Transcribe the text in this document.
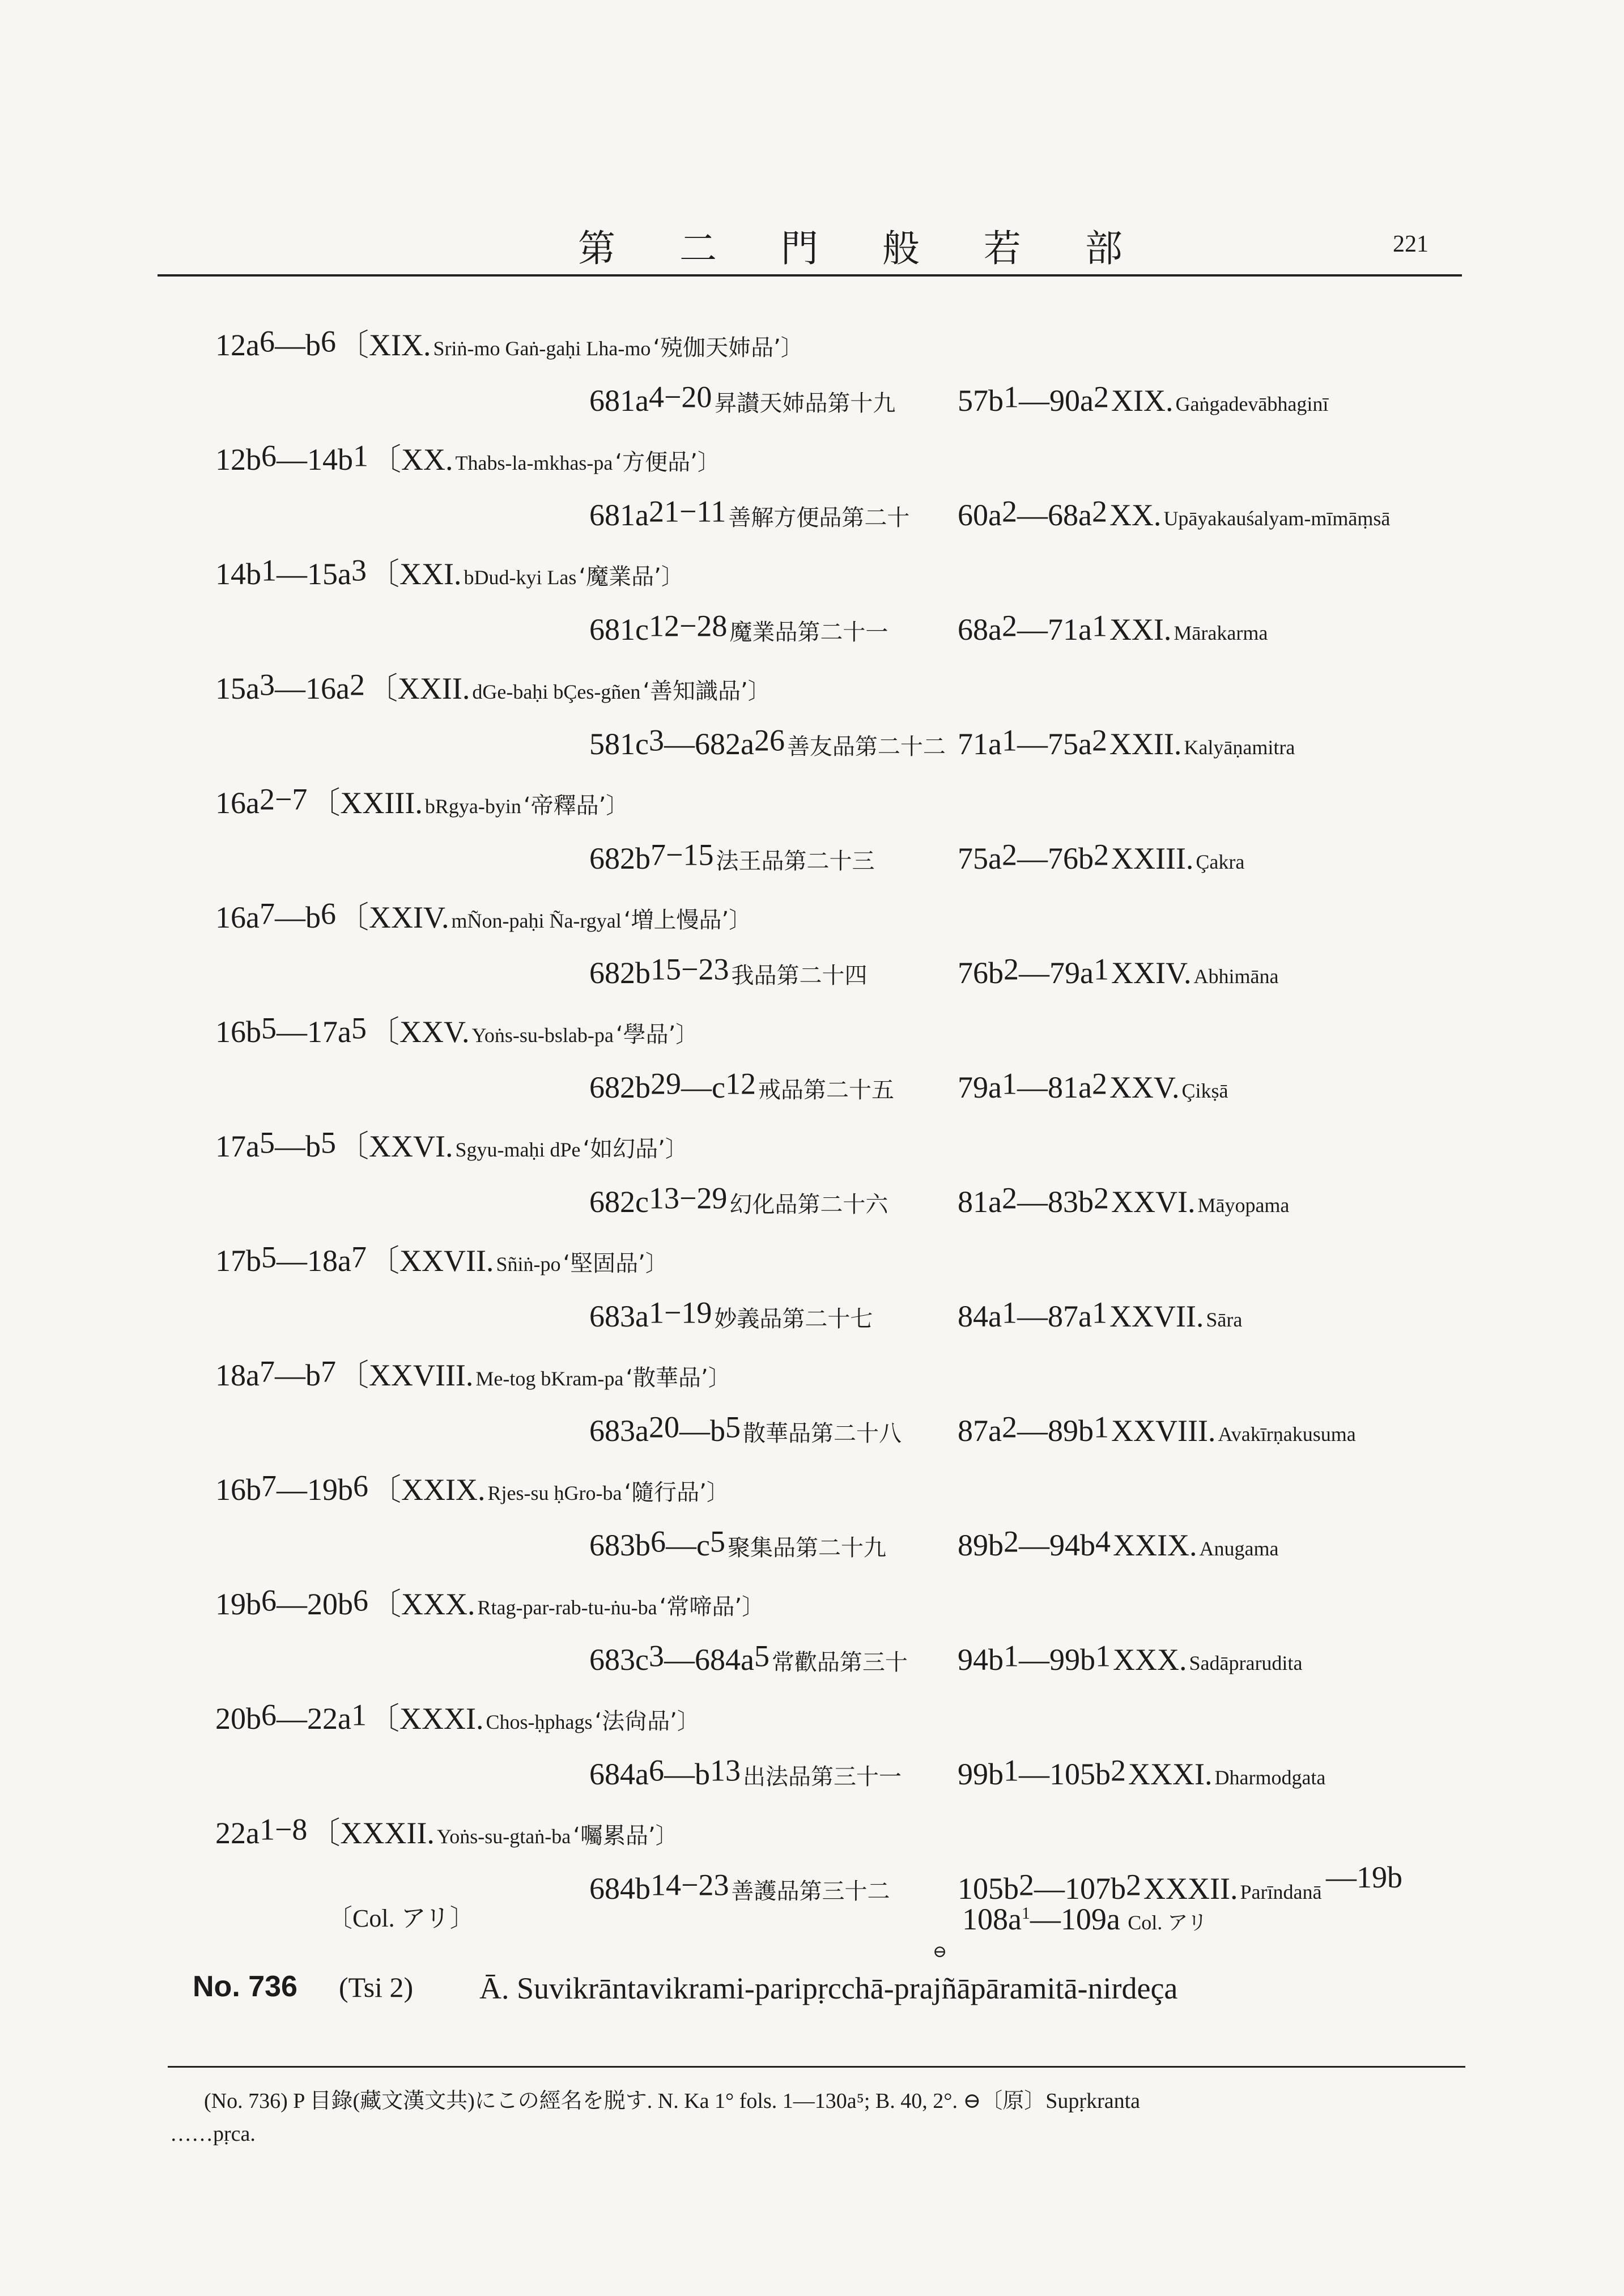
第 二 門 般 若 部	221
12a$^6$—b$^6$ 〔XIX. Sriṅ-mo Gaṅ-gaḥi Lha-mo ‘殑伽天姉品’〕
681a$^{4-20}$ 昇讃天姉品第十九 57b$^1$—90a$^2$ XIX. Gaṅgadevābhaginī
12b$^6$—14b$^1$ 〔XX. Thabs-la-mkhas-pa ‘方便品’〕
681a$^{21-11}$ 善解方便品第二十 60a$^2$—68a$^2$ XX. Upāyakauśalyam‑mīmāṃsā
14b$^1$—15a$^3$ 〔XXI. bDud-kyi Las ‘魔業品’〕
681c$^{12-28}$ 魔業品第二十一 68a$^2$—71a$^1$ XXI. Mārakarma
15a$^3$—16a$^2$ 〔XXII. dGe-baḥi bÇes-gñen ‘善知識品’〕
581c$^3$—682a$^{26}$ 善友品第二十二 71a$^1$—75a$^2$ XXII. Kalyāṇamitra
16a$^{2-7}$ 〔XXIII. bRgya-byin ‘帝釋品’〕
682b$^{7-15}$ 法王品第二十三	75a$^2$—76b$^2$ XXIII. Çakra
16a$^7$—b$^6$ 〔XXIV. mÑon-paḥi Ña-rgyal ‘増上慢品’〕
682b$^{15-23}$ 我品第二十四	76b$^2$—79a$^1$ XXIV. Abhimāna
16b$^5$—17a$^5$ 〔XXV. Yoṅs-su-bslab-pa ‘學品’〕
682b$^{29}$—c$^{12}$ 戒品第二十五 79a$^1$—81a$^2$ XXV. Çikṣā
17a$^5$—b$^5$ 〔XXVI. Sgyu-maḥi dPe ‘如幻品’〕
682c$^{13-29}$ 幻化品第二十六 81a$^2$—83b$^2$ XXVI. Māyopama
17b$^5$—18a$^7$ 〔XXVII. Sñiṅ-po ‘堅固品’〕
683a$^{1-19}$ 妙義品第二十七	84a$^1$—87a$^1$ XXVII. Sāra
18a$^7$—b$^7$ 〔XXVIII. Me-tog bKram-pa ‘散華品’〕
683a$^{20}$—b$^5$ 散華品第二十八 87a$^2$—89b$^1$ XXVIII. Avakīrṇakusuma
16b$^7$—19b$^6$ 〔XXIX. Rjes-su ḥGro-ba ‘隨行品’〕
683b$^6$—c$^5$ 聚集品第二十九 89b$^2$—94b$^4$ XXIX. Anugama
19b$^6$—20b$^6$ 〔XXX. Rtag-par-rab-tu-ṅu-ba ‘常啼品’〕
683c$^3$—684a$^5$ 常歡品第三十 94b$^1$—99b$^1$ XXX. Sadāprarudita
20b$^6$—22a$^1$ 〔XXXI. Chos-ḥphags ‘法尙品’〕
684a$^6$—b$^{13}$ 出法品第三十一 99b$^1$—105b$^2$ XXXI. Dharmodgata
22a$^{1-8}$ 〔XXXII. Yoṅs-su-gtaṅ-ba ‘囑累品’〕
684b$^{14-23}$ 善護品第三十二 105b$^2$—107b$^2$ XXXII. Parīndanā —19b
〔Col. アリ〕	$108a^1—109a$ Col. アリ
No. 736 (Tsi 2)
⊖
Ā. Suvikrāntavikrami-paripṛcchā-prajñāpāramitā-nirdeça
(No. 736) P 目錄(藏文漢文共)にこの經名を脱す. N. Ka 1° fols. 1—130a⁵; B. 40, 2°. ⊖〔原〕Supṛkranta
……pṛca.
